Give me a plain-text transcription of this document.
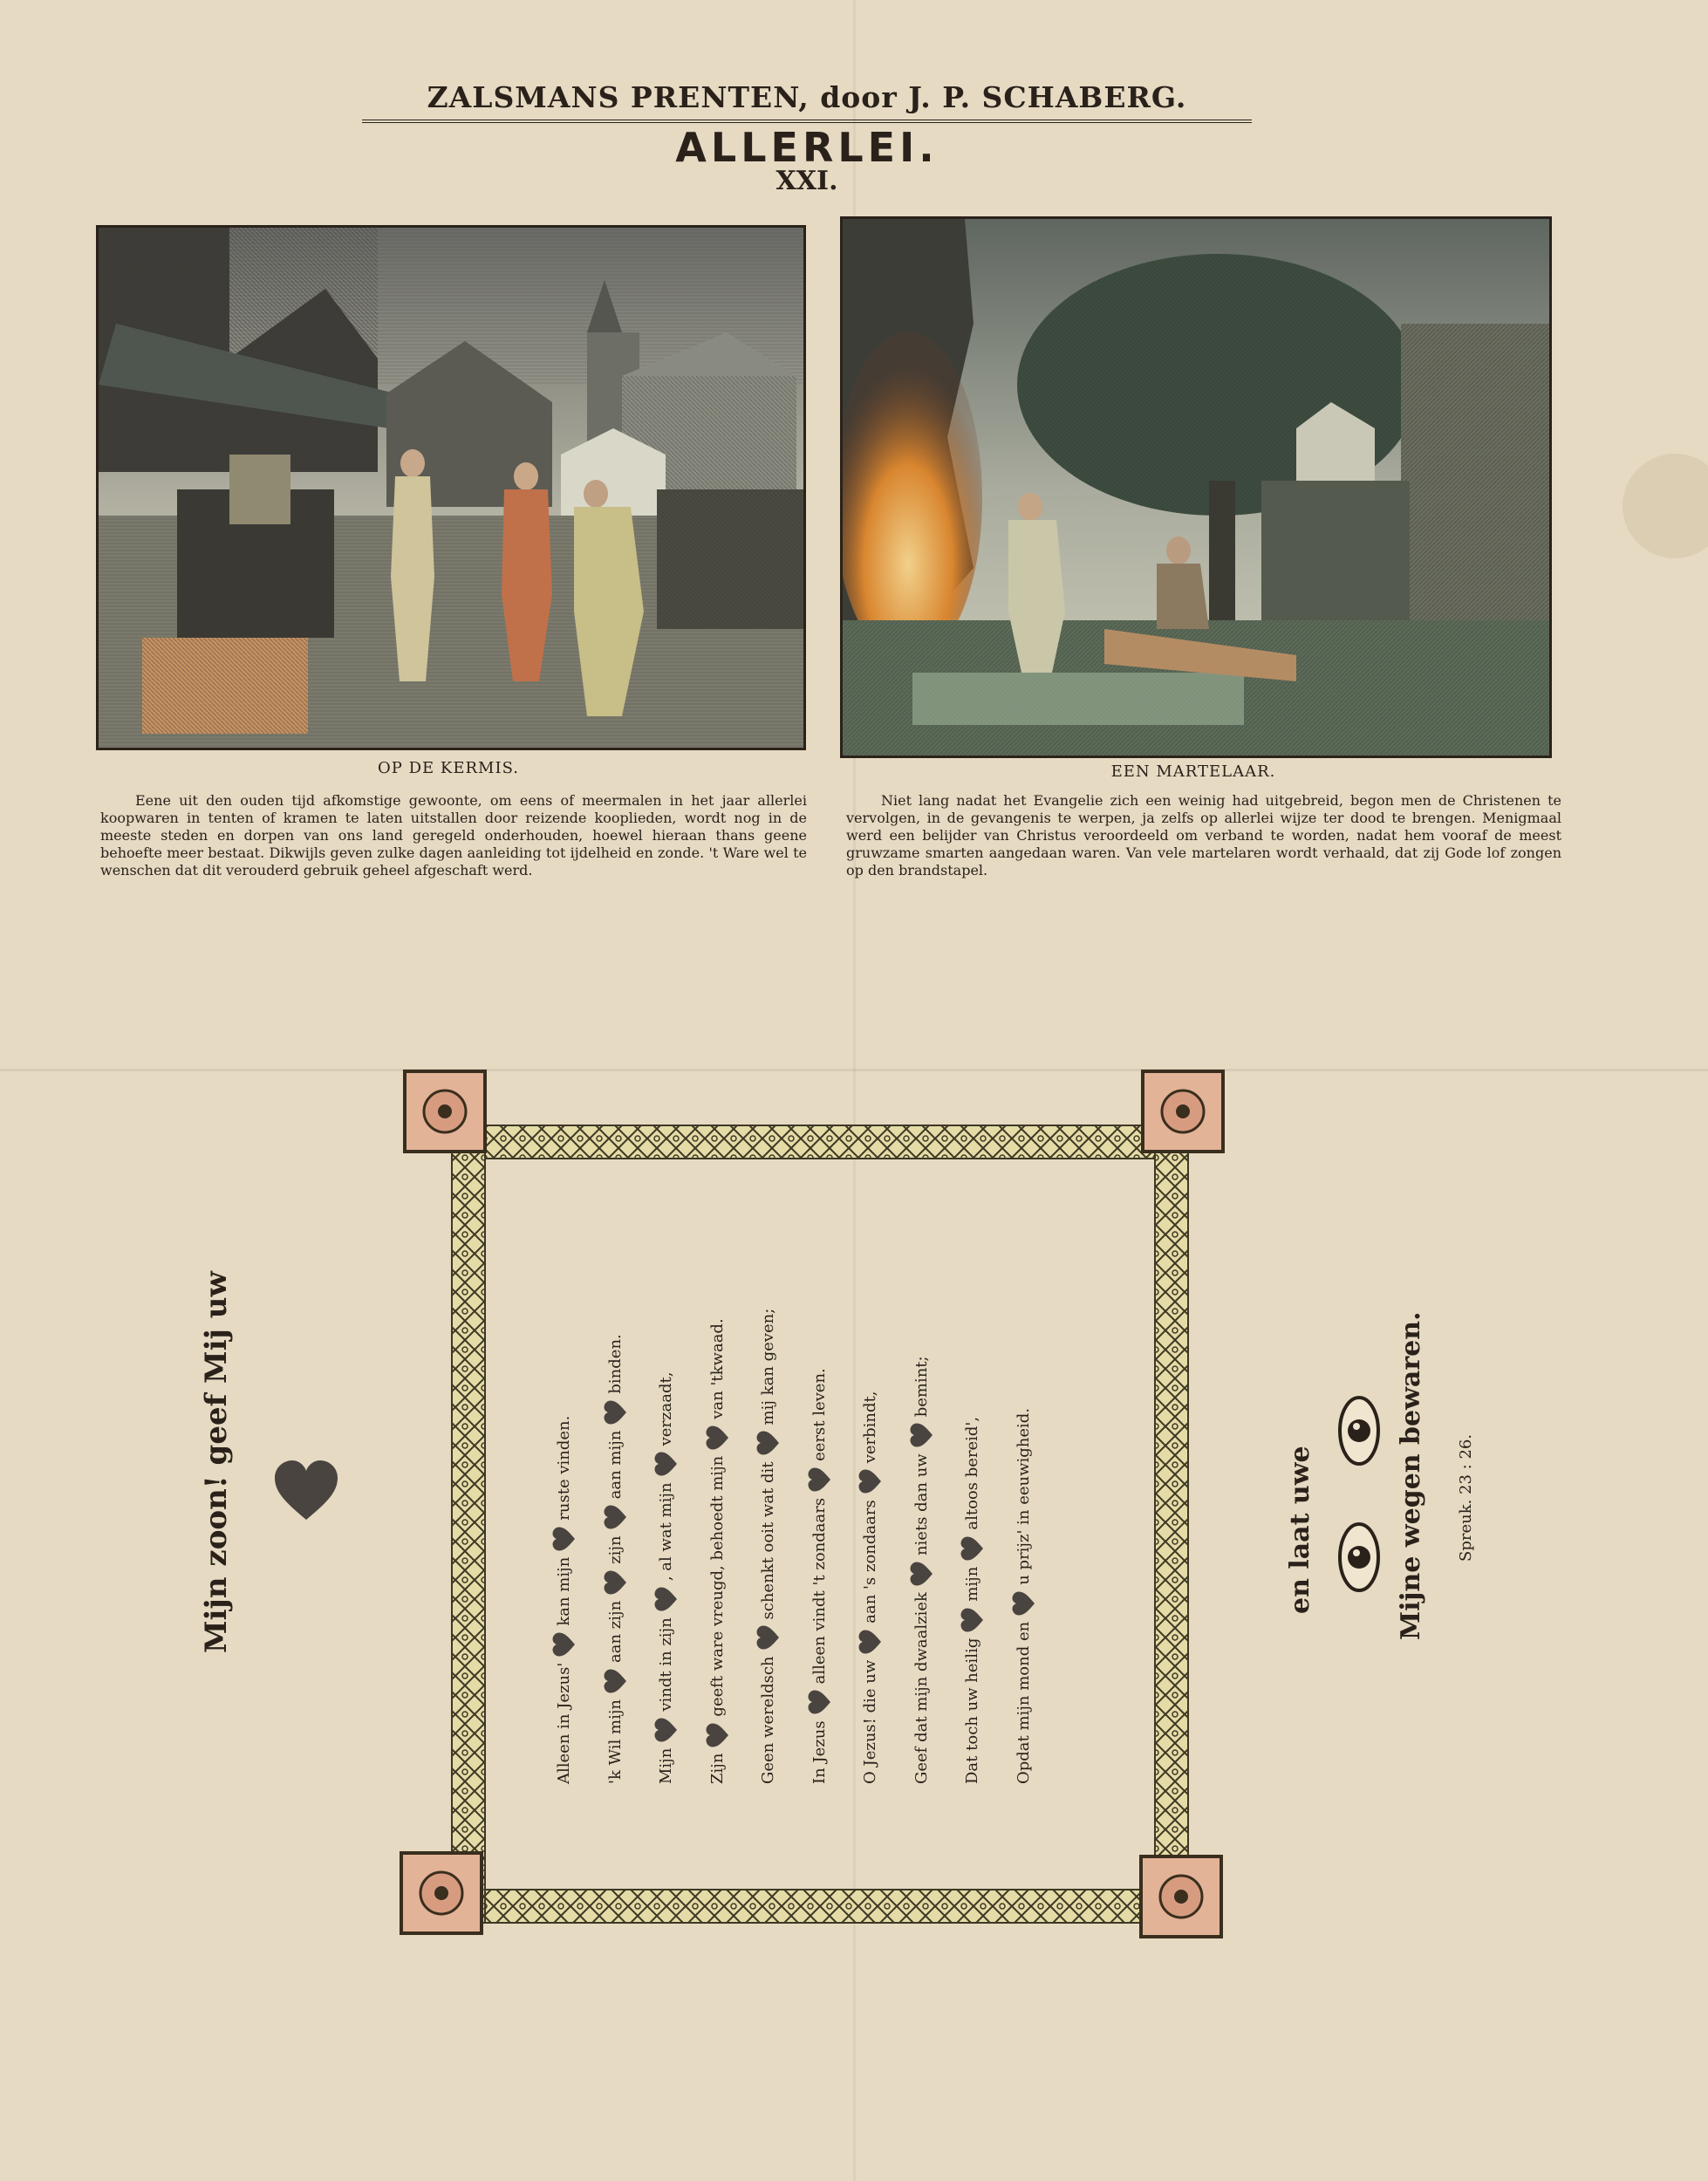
ZALSMANS PRENTEN, door J. P. SCHABERG.
ALLERLEI.
XXI.
OP DE KERMIS.	EEN MARTELAAR.
Eene uit den ouden tijd afkomstige gewoonte, om eens of meermalen in het jaar allerlei koopwaren in tenten of kramen te laten uitstallen door reizende kooplieden, wordt nog in de meeste steden en dorpen van ons land geregeld onderhouden, hoewel hieraan thans geene behoefte meer bestaat. Dikwijls geven zulke dagen aanleiding tot ijdelheid en zonde. 't Ware wel te wenschen dat dit verouderd gebruik geheel afgeschaft werd.
Niet lang nadat het Evangelie zich een weinig had uitgebreid, begon men de Christenen te vervolgen, in de gevangenis te werpen, ja zelfs op allerlei wijze ter dood te brengen. Menigmaal werd een belijder van Christus veroordeeld om verband te worden, nadat hem vooraf de meest gruwzame smarten aangedaan waren. Van vele martelaren wordt verhaald, dat zij Gode lof zongen op den brandstapel.
Mijn zoon! geef Mij uw
Alleen in Jezus'
kan mijn
ruste vinden.
'k Wil mijn
aan zijn
zijn
aan mijn
binden.
Mijn
vindt in zijn
, al wat mijn
verzaadt,
Zijn
geeft ware vreugd, behoedt mijn
van 'tkwaad.
Geen wereldsch
schenkt ooit wat dit
mij kan geven;
In Jezus
alleen vindt 't zondaars
eerst leven.
O Jezus! die uw
aan 's zondaars
verbindt,
Geef dat mijn dwaalziek
niets dan uw
bemint;
Dat toch uw heilig
mijn
altoos bereid',
Opdat mijn mond en
u prijz' in eeuwigheid.	en laat uwe	Mijne wegen bewaren. Spreuk. 23 : 26.
